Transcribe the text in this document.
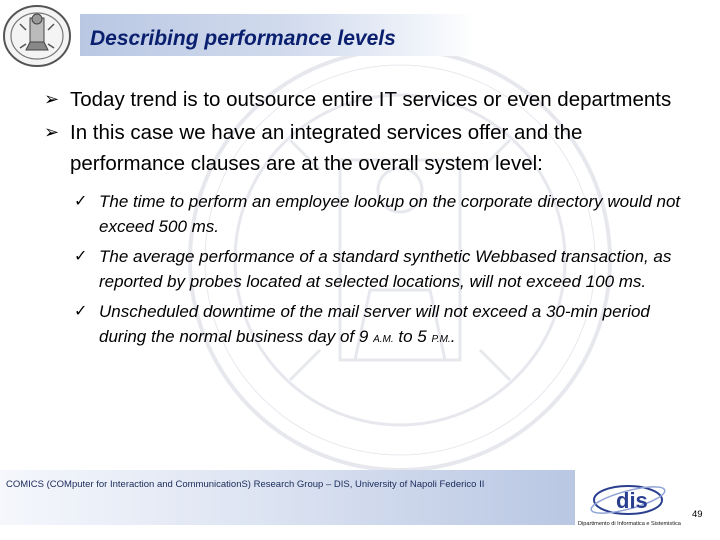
Describing performance levels
➢ Today trend is to outsource entire IT services or even departments
➢ In this case we have an integrated services offer and the performance clauses are at the overall system level:
✓ The time to perform an employee lookup on the corporate directory would not exceed 500 ms.
✓ The average performance of a standard synthetic Webbased transaction, as reported by probes located at selected locations, will not exceed 100 ms.
✓ Unscheduled downtime of the mail server will not exceed a 30-min period during the normal business day of 9 A.M. to 5 P.M..
COMICS (COMputer for Interaction and CommunicationS) Research Group – DIS, University of Napoli Federico II
dis
Dipartimento di Informatica e Sistemistica
49
